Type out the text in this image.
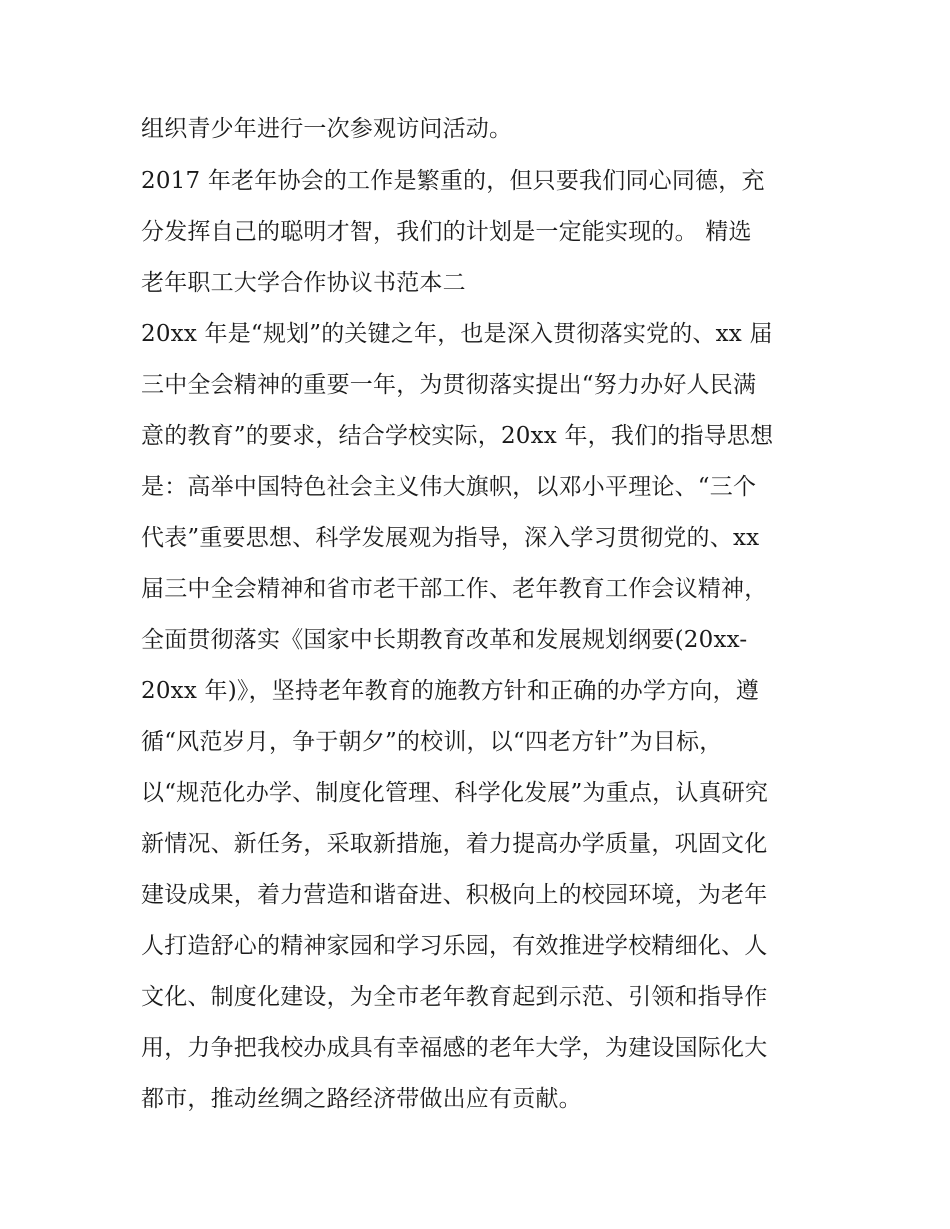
组织青少年进行一次参观访问活动。
2017 年老年协会的工作是繁重的，但只要我们同心同德，充
分发挥自己的聪明才智，我们的计划是一定能实现的。 精选
老年职工大学合作协议书范本二
20xx 年是“规划”的关键之年，也是深入贯彻落实党的、xx 届
三中全会精神的重要一年，为贯彻落实提出“努力办好人民满
意的教育”的要求，结合学校实际，20xx 年，我们的指导思想
是：高举中国特色社会主义伟大旗帜，以邓小平理论、“三个
代表”重要思想、科学发展观为指导，深入学习贯彻党的、xx
届三中全会精神和省市老干部工作、老年教育工作会议精神，
全面贯彻落实《国家中长期教育改革和发展规划纲要(20xx-
20xx 年)》，坚持老年教育的施教方针和正确的办学方向，遵
循“风范岁月，争于朝夕”的校训，以“四老方针”为目标，
以“规范化办学、制度化管理、科学化发展”为重点，认真研究
新情况、新任务，采取新措施，着力提高办学质量，巩固文化
建设成果，着力营造和谐奋进、积极向上的校园环境，为老年
人打造舒心的精神家园和学习乐园，有效推进学校精细化、人
文化、制度化建设，为全市老年教育起到示范、引领和指导作
用，力争把我校办成具有幸福感的老年大学，为建设国际化大
都市，推动丝绸之路经济带做出应有贡献。
